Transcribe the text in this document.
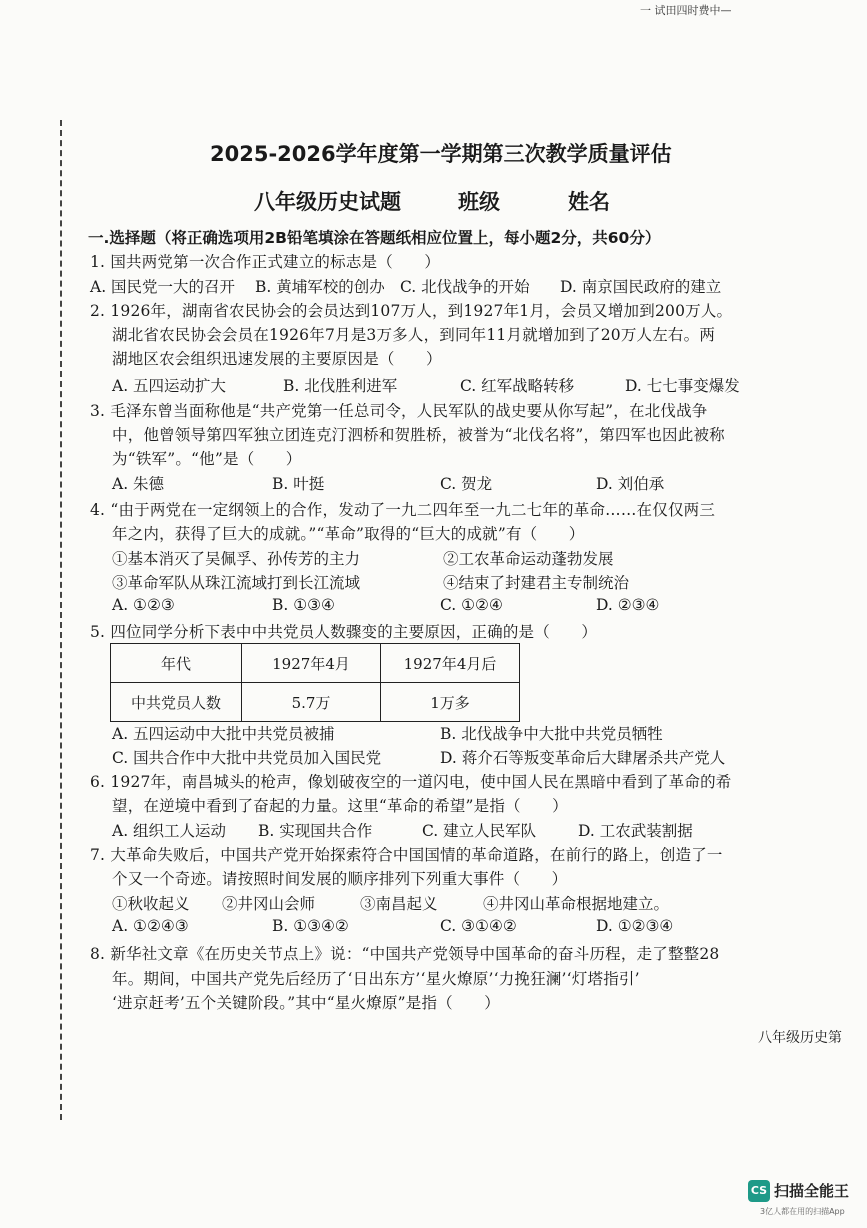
一 试田四时费中—
2025-2026学年度第一学期第三次教学质量评估
八年级历史试题	班级	姓名
一.选择题（将正确选项用2B铅笔填涂在答题纸相应位置上，每小题2分，共60分）
1. 国共两党第一次合作正式建立的标志是（　　）
A. 国民党一大的召开 B. 黄埔军校的创办 C. 北伐战争的开始 D. 南京国民政府的建立
2. 1926年，湖南省农民协会的会员达到107万人，到1927年1月，会员又增加到200万人。
湖北省农民协会会员在1926年7月是3万多人，到同年11月就增加到了20万人左右。两
湖地区农会组织迅速发展的主要原因是（　　）
A. 五四运动扩大	B. 北伐胜利进军	C. 红军战略转移	D. 七七事变爆发
3. 毛泽东曾当面称他是“共产党第一任总司令，人民军队的战史要从你写起”，在北伐战争
中，他曾领导第四军独立团连克汀泗桥和贺胜桥，被誉为“北伐名将”，第四军也因此被称
为“铁军”。“他”是（　　）
A. 朱德	B. 叶挺	C. 贺龙	D. 刘伯承
4. “由于两党在一定纲领上的合作，发动了一九二四年至一九二七年的革命……在仅仅两三
年之内，获得了巨大的成就。”“革命”取得的“巨大的成就”有（　　）
①基本消灭了吴佩孚、孙传芳的主力	②工农革命运动蓬勃发展
③革命军队从珠江流域打到长江流域	④结束了封建君主专制统治
A. ①②③	B. ①③④	C. ①②④	D. ②③④
5. 四位同学分析下表中中共党员人数骤变的主要原因，正确的是（　　）
年代	1927年4月	1927年4月后
中共党员人数	5.7万	1万多
A. 五四运动中大批中共党员被捕	B. 北伐战争中大批中共党员牺牲
C. 国共合作中大批中共党员加入国民党	D. 蒋介石等叛变革命后大肆屠杀共产党人
6. 1927年，南昌城头的枪声，像划破夜空的一道闪电，使中国人民在黑暗中看到了革命的希
望，在逆境中看到了奋起的力量。这里“革命的希望”是指（　　）
A. 组织工人运动 B. 实现国共合作	C. 建立人民军队	D. 工农武装割据
7. 大革命失败后，中国共产党开始探索符合中国国情的革命道路，在前行的路上，创造了一
个又一个奇迹。请按照时间发展的顺序排列下列重大事件（　　）
①秋收起义 ②井冈山会师	③南昌起义	④井冈山革命根据地建立。
A. ①②④③	B. ①③④②	C. ③①④②	D. ①②③④
8. 新华社文章《在历史关节点上》说：“中国共产党领导中国革命的奋斗历程，走了整整28
年。期间，中国共产党先后经历了‘日出东方’‘星火燎原’‘力挽狂澜’‘灯塔指引’
‘进京赶考’五个关键阶段。”其中“星火燎原”是指（　　）
八年级历史第
CS 扫描全能王
3亿人都在用的扫描App
